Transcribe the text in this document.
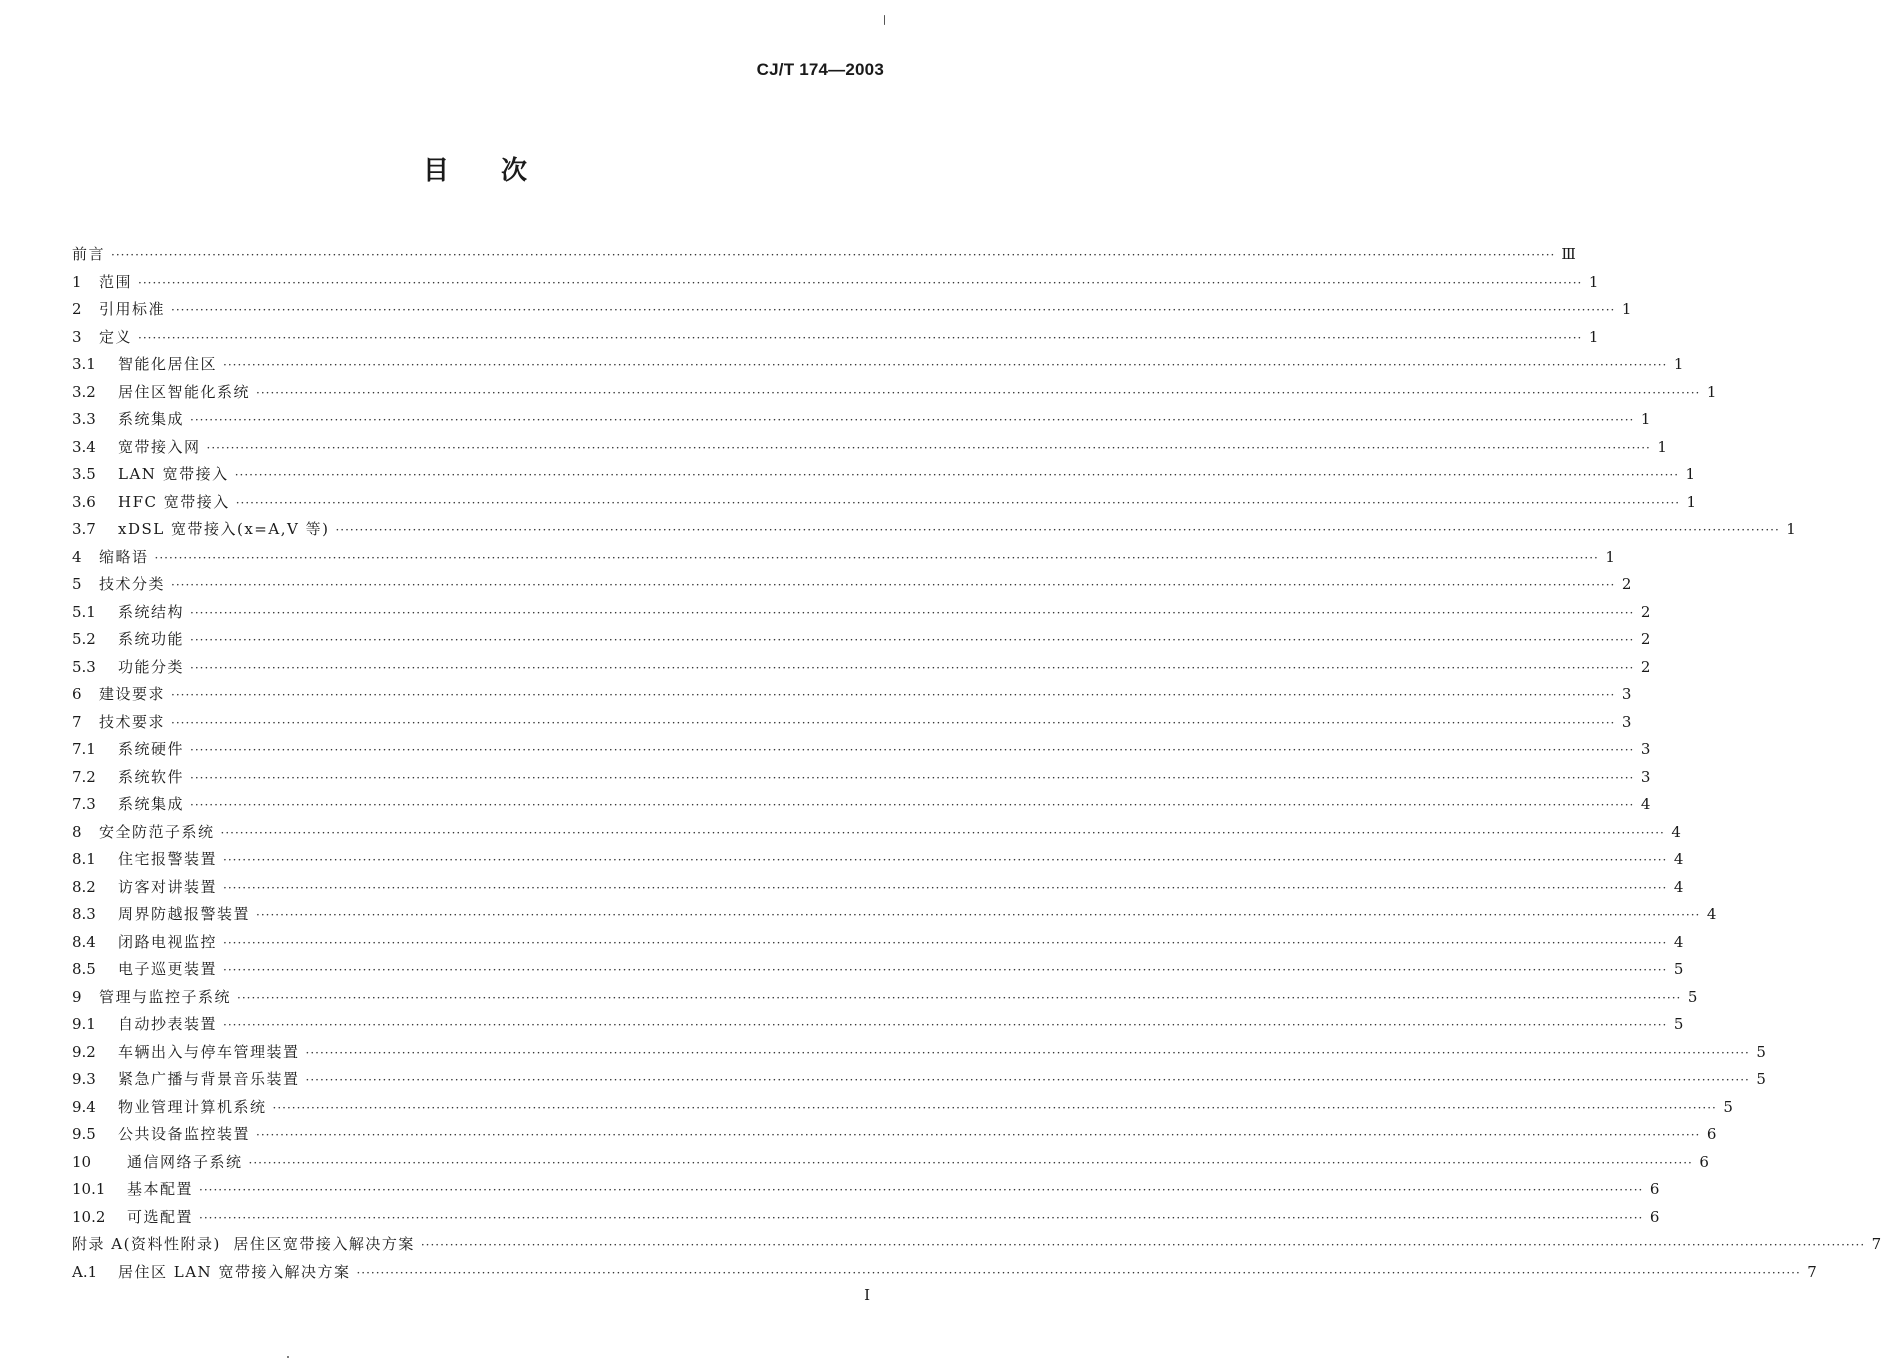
CJ/T 174—2003
目次
前言 ············································································································································································································································································································ Ⅲ
1	范围 ············································································································································································································································································································ 1
2	引用标准 ············································································································································································································································································································ 1
3	定义 ············································································································································································································································································································ 1
3.1	智能化居住区 ············································································································································································································································································································ 1
3.2	居住区智能化系统 ············································································································································································································································································································ 1
3.3	系统集成 ············································································································································································································································································································ 1
3.4	宽带接入网 ············································································································································································································································································································ 1
3.5	LAN 宽带接入 ············································································································································································································································································································ 1
3.6	HFC 宽带接入 ············································································································································································································································································································ 1
3.7	xDSL 宽带接入(x=A,V 等) ············································································································································································································································································································ 1
4	缩略语 ············································································································································································································································································································ 1
5	技术分类 ············································································································································································································································································································ 2
5.1	系统结构 ············································································································································································································································································································ 2
5.2	系统功能 ············································································································································································································································································································ 2
5.3	功能分类 ············································································································································································································································································································ 2
6	建设要求 ············································································································································································································································································································ 3
7	技术要求 ············································································································································································································································································································ 3
7.1	系统硬件 ············································································································································································································································································································ 3
7.2	系统软件 ············································································································································································································································································································ 3
7.3	系统集成 ············································································································································································································································································································ 4
8	安全防范子系统 ············································································································································································································································································································ 4
8.1	住宅报警装置 ············································································································································································································································································································ 4
8.2	访客对讲装置 ············································································································································································································································································································ 4
8.3	周界防越报警装置 ············································································································································································································································································································ 4
8.4	闭路电视监控 ············································································································································································································································································································ 4
8.5	电子巡更装置 ············································································································································································································································································································ 5
9	管理与监控子系统 ············································································································································································································································································································ 5
9.1	自动抄表装置 ············································································································································································································································································································ 5
9.2	车辆出入与停车管理装置 ············································································································································································································································································································ 5
9.3	紧急广播与背景音乐装置 ············································································································································································································································································································ 5
9.4	物业管理计算机系统 ············································································································································································································································································································ 5
9.5	公共设备监控装置 ············································································································································································································································································································ 6
10	通信网络子系统 ············································································································································································································································································································ 6
10.1	基本配置 ············································································································································································································································································································ 6
10.2	可选配置 ············································································································································································································································································································ 6
附录 A(资料性附录)  居住区宽带接入解决方案 ············································································································································································································································································································ 7
A.1	居住区 LAN 宽带接入解决方案 ············································································································································································································································································································ 7
I
